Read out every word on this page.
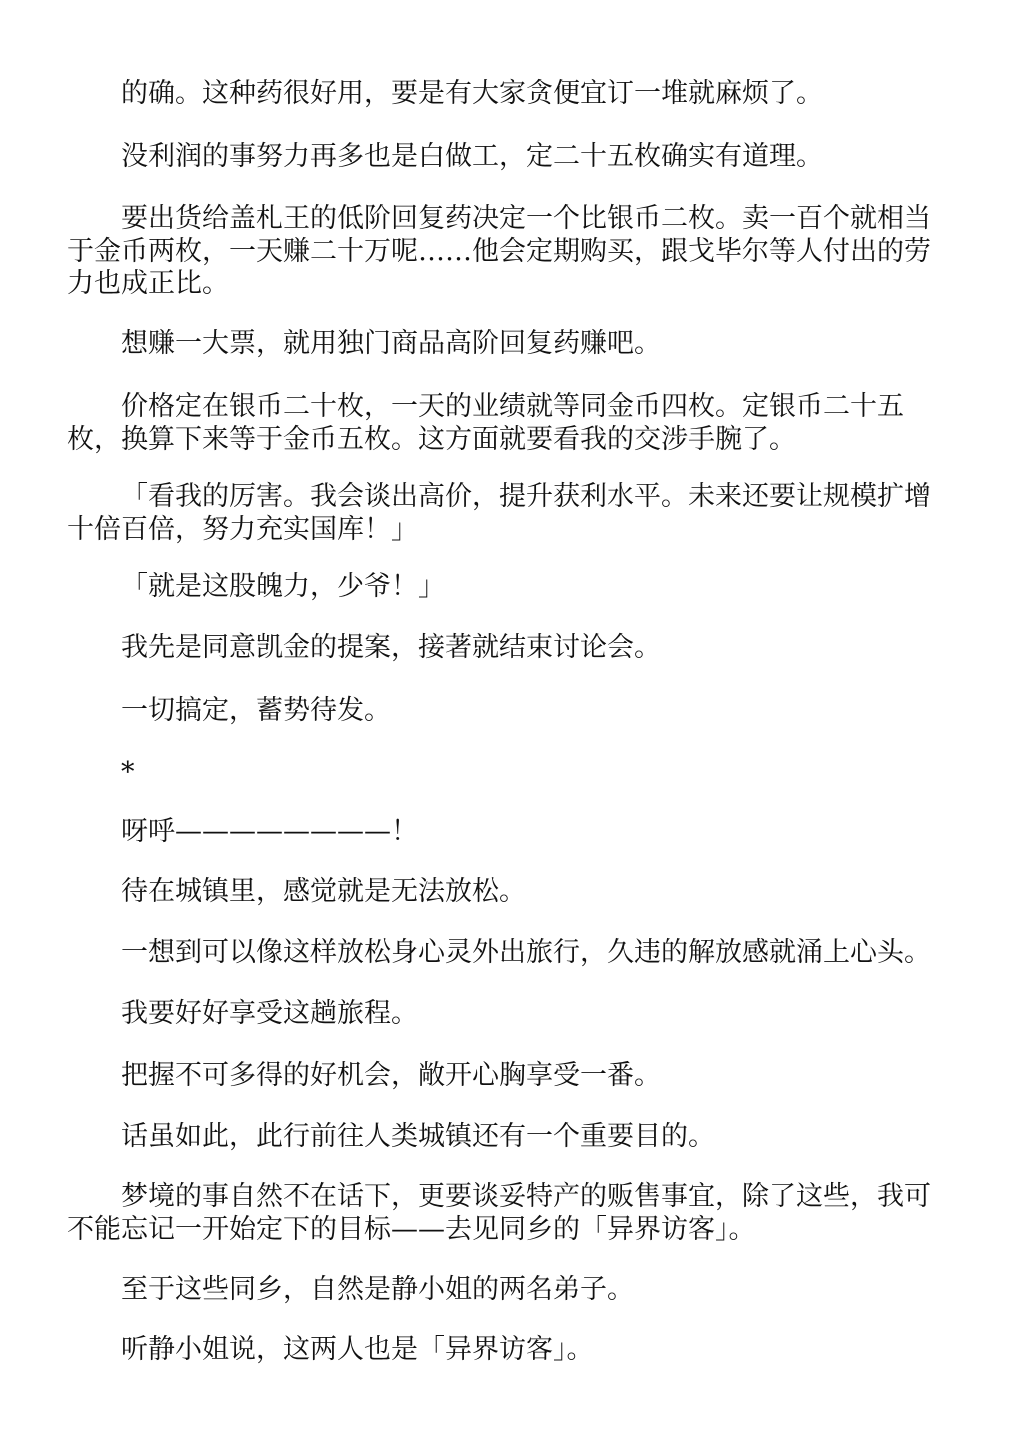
的确。这种药很好用，要是有大家贪便宜订一堆就麻烦了。

没利润的事努力再多也是白做工，定二十五枚确实有道理。

要出货给盖札王的低阶回复药决定一个比银币二枚。卖一百个就相当于金币两枚，一天赚二十万呢……他会定期购买，跟戈毕尔等人付出的劳力也成正比。

想赚一大票，就用独门商品高阶回复药赚吧。

价格定在银币二十枚，一天的业绩就等同金币四枚。定银币二十五枚，换算下来等于金币五枚。这方面就要看我的交涉手腕了。

「看我的厉害。我会谈出高价，提升获利水平。未来还要让规模扩增十倍百倍，努力充实国库！」

「就是这股魄力，少爷！」

我先是同意凯金的提案，接著就结束讨论会。

一切搞定，蓄势待发。

*

呀呼————————！

待在城镇里，感觉就是无法放松。

一想到可以像这样放松身心灵外出旅行，久违的解放感就涌上心头。

我要好好享受这趟旅程。

把握不可多得的好机会，敞开心胸享受一番。

话虽如此，此行前往人类城镇还有一个重要目的。

梦境的事自然不在话下，更要谈妥特产的贩售事宜，除了这些，我可不能忘记一开始定下的目标——去见同乡的「异界访客」。

至于这些同乡，自然是静小姐的两名弟子。

听静小姐说，这两人也是「异界访客」。
